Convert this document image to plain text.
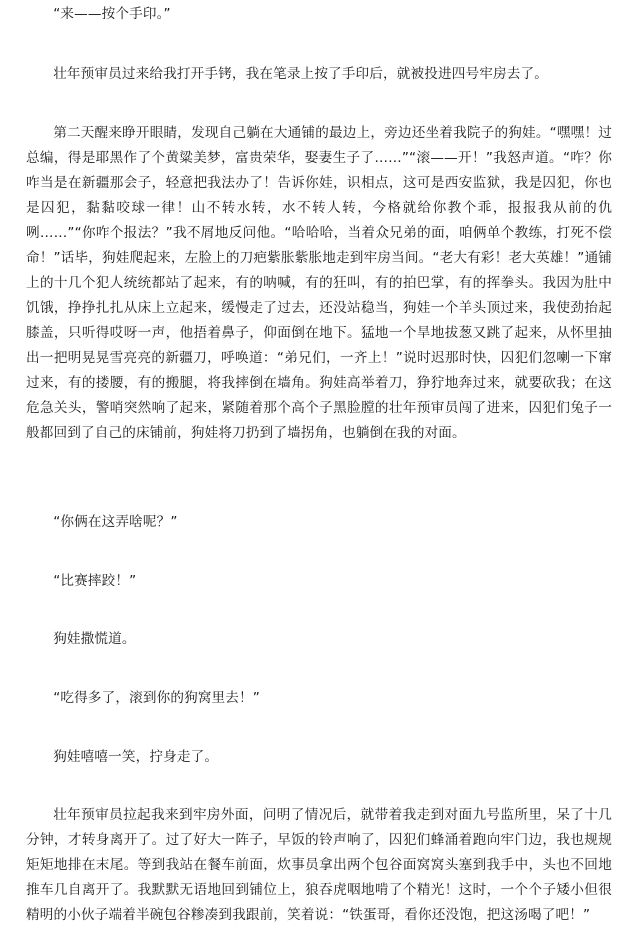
“来——按个手印。”

壮年预审员过来给我打开手铐，我在笔录上按了手印后，就被投进四号牢房去了。

第二天醒来睁开眼睛，发现自己躺在大通铺的最边上，旁边还坐着我院子的狗娃。“嘿嘿！过总编，得是耶黑作了个黄粱美梦，富贵荣华，娶妻生子了……”“滚——开！”我怒声道。“咋？你咋当是在新疆那会子，轻意把我法办了！告诉你娃，识相点，这可是西安监狱，我是囚犯，你也是囚犯，黏黏咬球一律！山不转水转，水不转人转，今格就给你教个乖，报报我从前的仇咧……”“你咋个报法？”我不屑地反问他。“哈哈哈，当着众兄弟的面，咱俩单个教练，打死不偿命！”话毕，狗娃爬起来，左脸上的刀疤紫胀紫胀地走到牢房当间。“老大有彩！老大英雄！”通铺上的十几个犯人统统都站了起来，有的呐喊，有的狂叫，有的拍巴掌，有的挥拳头。我因为肚中饥饿，挣挣扎扎从床上立起来，缓慢走了过去，还没站稳当，狗娃一个羊头顶过来，我使劲抬起膝盖，只听得哎呀一声，他捂着鼻子，仰面倒在地下。猛地一个旱地拔葱又跳了起来，从怀里抽出一把明晃晃雪亮亮的新疆刀，呼唤道：“弟兄们，一齐上！”说时迟那时快，囚犯们忽喇一下窜过来，有的搂腰，有的搬腿，将我摔倒在墙角。狗娃高举着刀，狰狞地奔过来，就要砍我；在这危急关头，警哨突然响了起来，紧随着那个高个子黑脸膛的壮年预审员闯了进来，囚犯们兔子一般都回到了自己的床铺前，狗娃将刀扔到了墙拐角，也躺倒在我的对面。

“你俩在这弄啥呢？”

“比赛摔跤！”

狗娃撒慌道。

“吃得多了，滚到你的狗窝里去！”

狗娃嘻嘻一笑，拧身走了。

壮年预审员拉起我来到牢房外面，问明了情况后，就带着我走到对面九号监所里，呆了十几分钟，才转身离开了。过了好大一阵子，早饭的铃声响了，囚犯们蜂涌着跑向牢门边，我也规规矩矩地排在末尾。等到我站在餐车前面，炊事员拿出两个包谷面窝窝头塞到我手中，头也不回地推车几自离开了。我默默无语地回到铺位上，狼吞虎咽地啃了个精光！这时，一个个子矮小但很精明的小伙子端着半碗包谷糁凑到我跟前，笑着说：“铁蛋哥，看你还没饱，把这汤喝了吧！”
